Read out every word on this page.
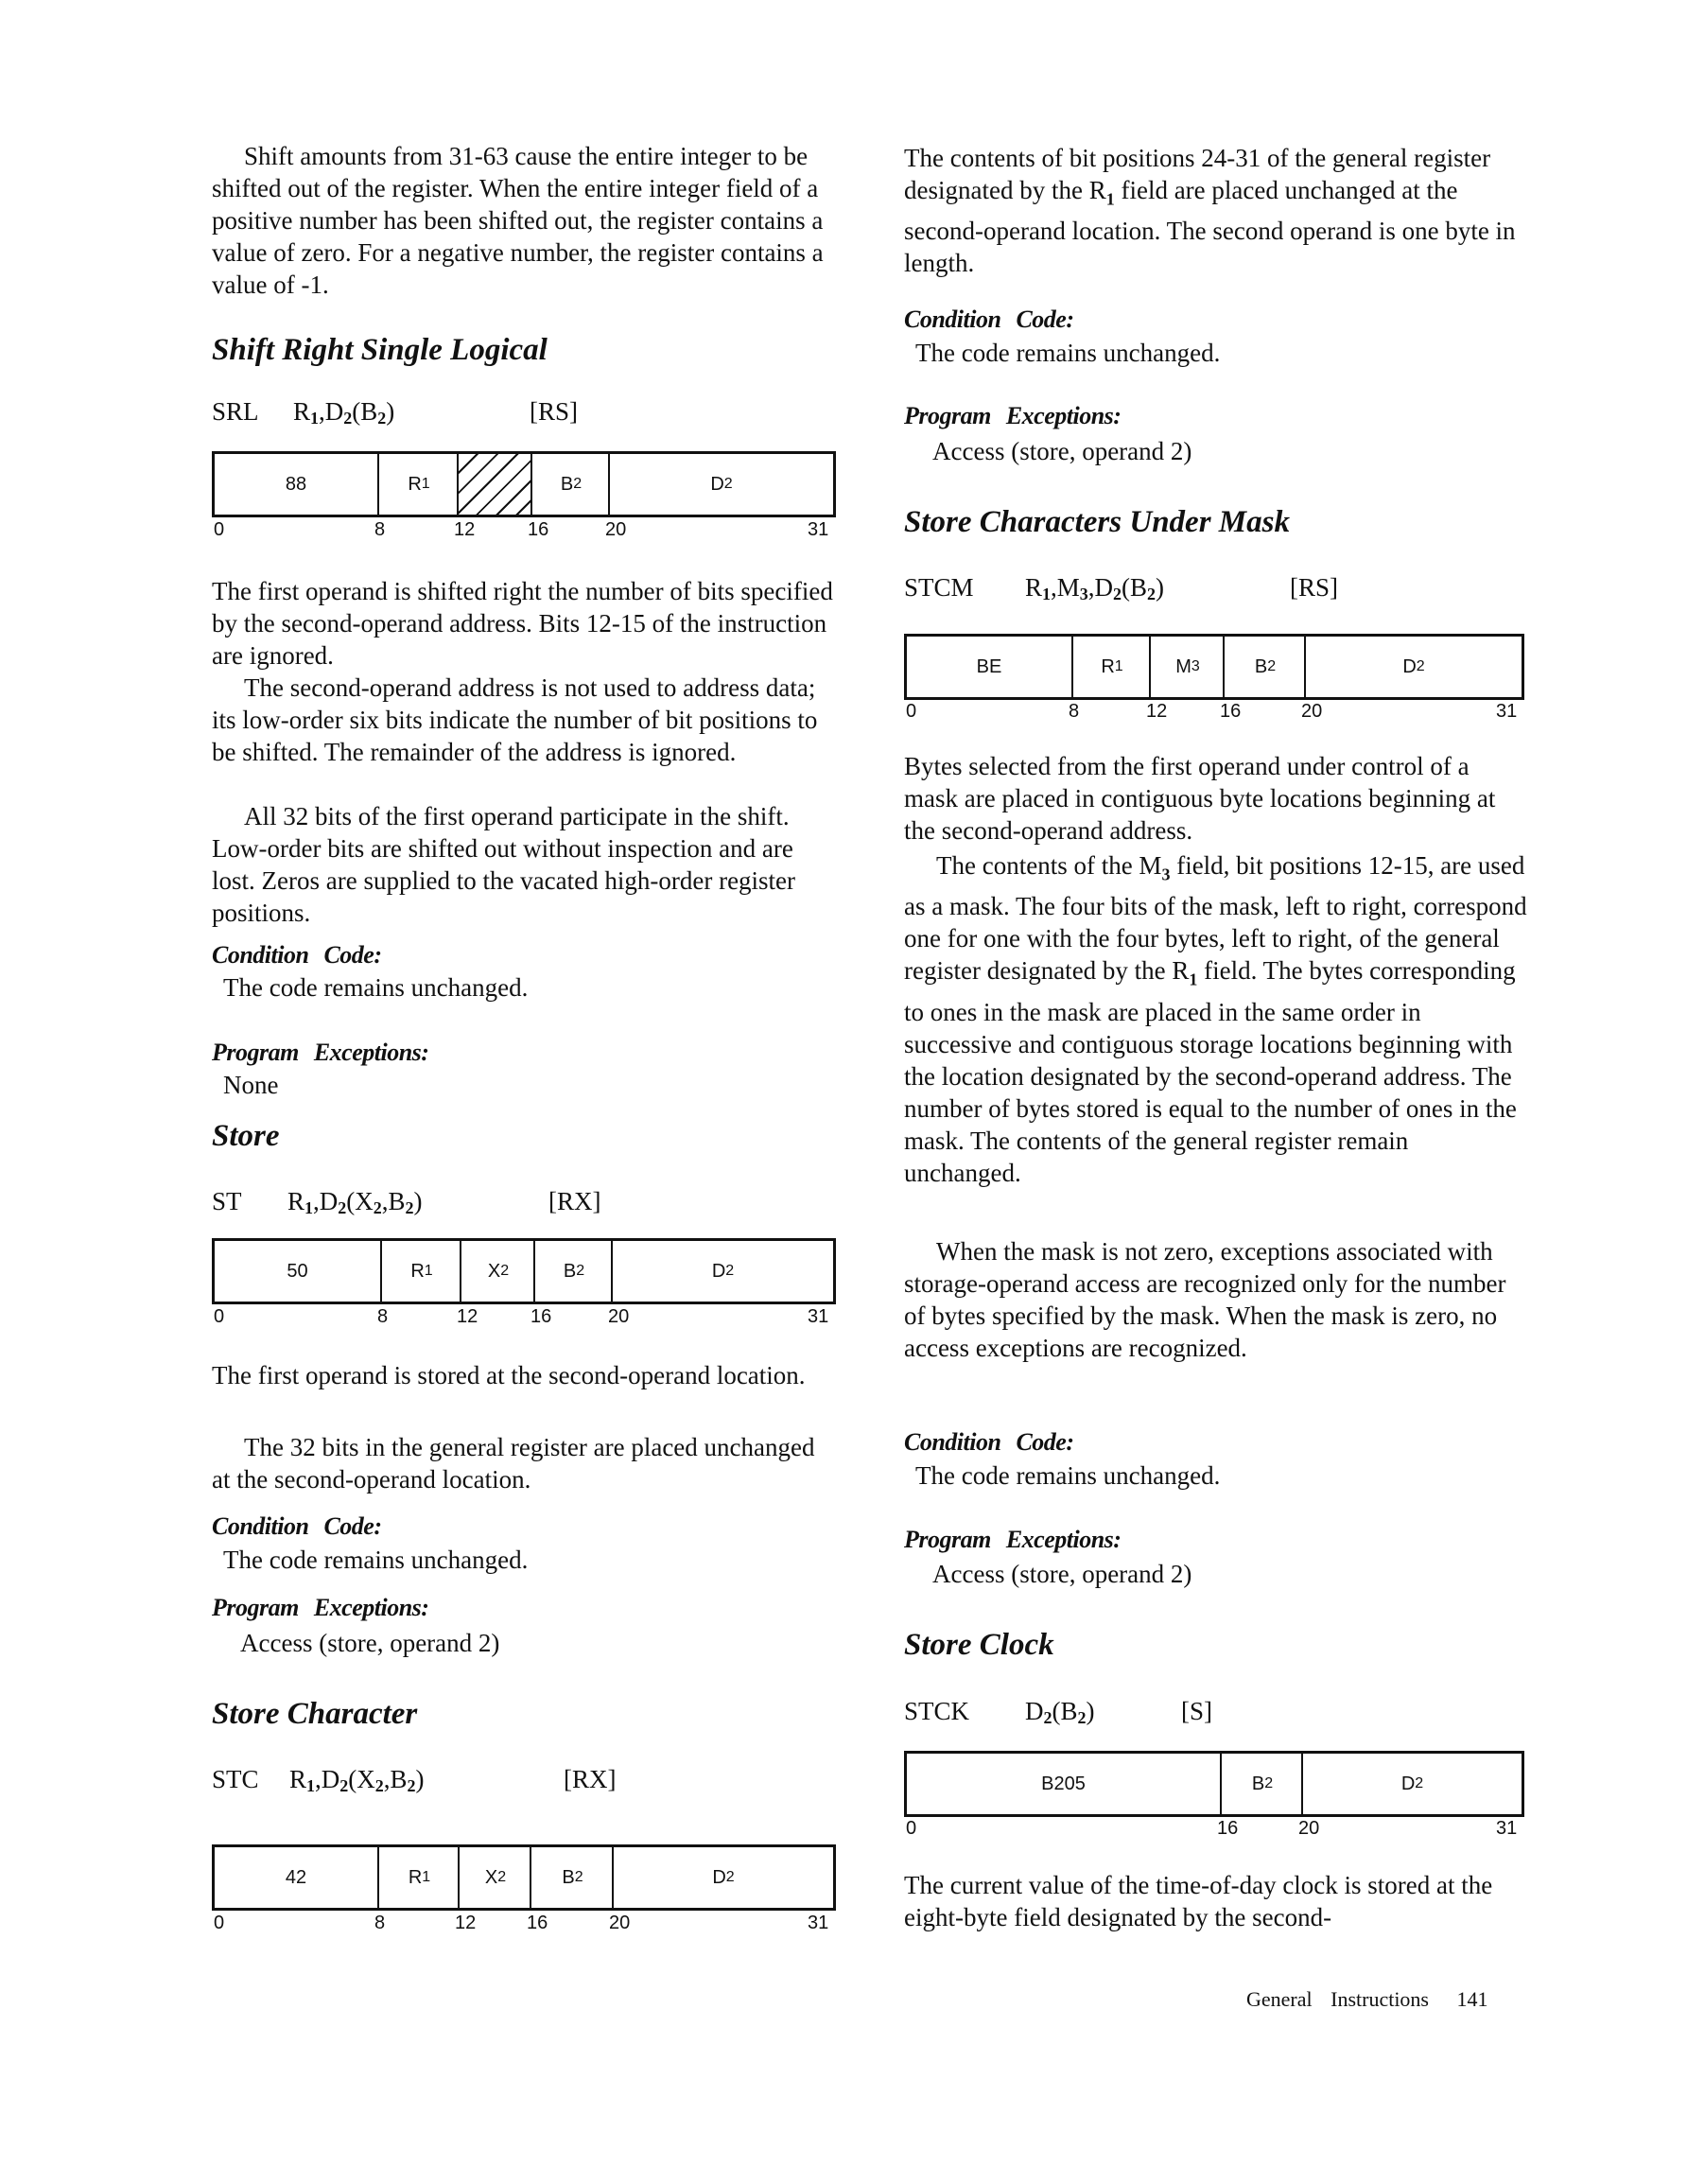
Shift amounts from 31-63 cause the entire integer to be shifted out of the register. When the entire integer field of a positive number has been shifted out, the register contains a value of zero. For a negative number, the register contains a value of -1.

Shift Right Single Logical
SRL $R_1,D_2(B_2)$	[RS]
88	R 1	B 2	D 2
0	8	12	16	20	31

The first operand is shifted right the number of bits specified by the second-operand address. Bits 12-15 of the instruction are ignored.

The second-operand address is not used to address data; its low-order six bits indicate the number of bit positions to be shifted. The remainder of the address is ignored.

All 32 bits of the first operand participate in the shift. Low-order bits are shifted out without inspection and are lost. Zeros are supplied to the vacated high-order register positions.

Condition Code:
The code remains unchanged.
Program Exceptions:
None
Store
ST $R_1,D_2(X_2,B_2)$	[RX]
50	R 1	X 2	B 2	D 2
0	8	12	16	20	31

The first operand is stored at the second-operand location.

The 32 bits in the general register are placed unchanged at the second-operand location.

Condition Code:
The code remains unchanged.
Program Exceptions:
Access (store, operand 2)
Store Character
STC $R_1,D_2(X_2,B_2)$	[RX]
42	R 1	X 2	B 2	D 2
0	8	12	16	20	31

The contents of bit positions 24-31 of the general register designated by the $R_1$ field are placed unchanged at the second-operand location. The second operand is one byte in length.

Condition Code:
The code remains unchanged.
Program Exceptions:
Access (store, operand 2)
Store Characters Under Mask
STCM $R_1,M_3,D_2(B_2)$	[RS]
BE	R 1	M 3	B 2	D 2
0	8	12	16	20	31

Bytes selected from the first operand under control of a mask are placed in contiguous byte locations beginning at the second-operand address.

The contents of the $M_3$ field, bit positions 12-15, are used as a mask. The four bits of the mask, left to right, correspond one for one with the four bytes, left to right, of the general register designated by the $R_1$ field. The bytes corresponding to ones in the mask are placed in the same order in successive and contiguous storage locations beginning with the location designated by the second-operand address. The number of bytes stored is equal to the number of ones in the mask. The contents of the general register remain unchanged.

When the mask is not zero, exceptions associated with storage-operand access are recognized only for the number of bytes specified by the mask. When the mask is zero, no access exceptions are recognized.

Condition Code:
The code remains unchanged.
Program Exceptions:
Access (store, operand 2)
Store Clock
STCK $D_2(B_2)$	[S]
B205	B 2	D 2
0	16	20	31

The current value of the time-of-day clock is stored at the eight-byte field designated by the second-

General Instructions 141
